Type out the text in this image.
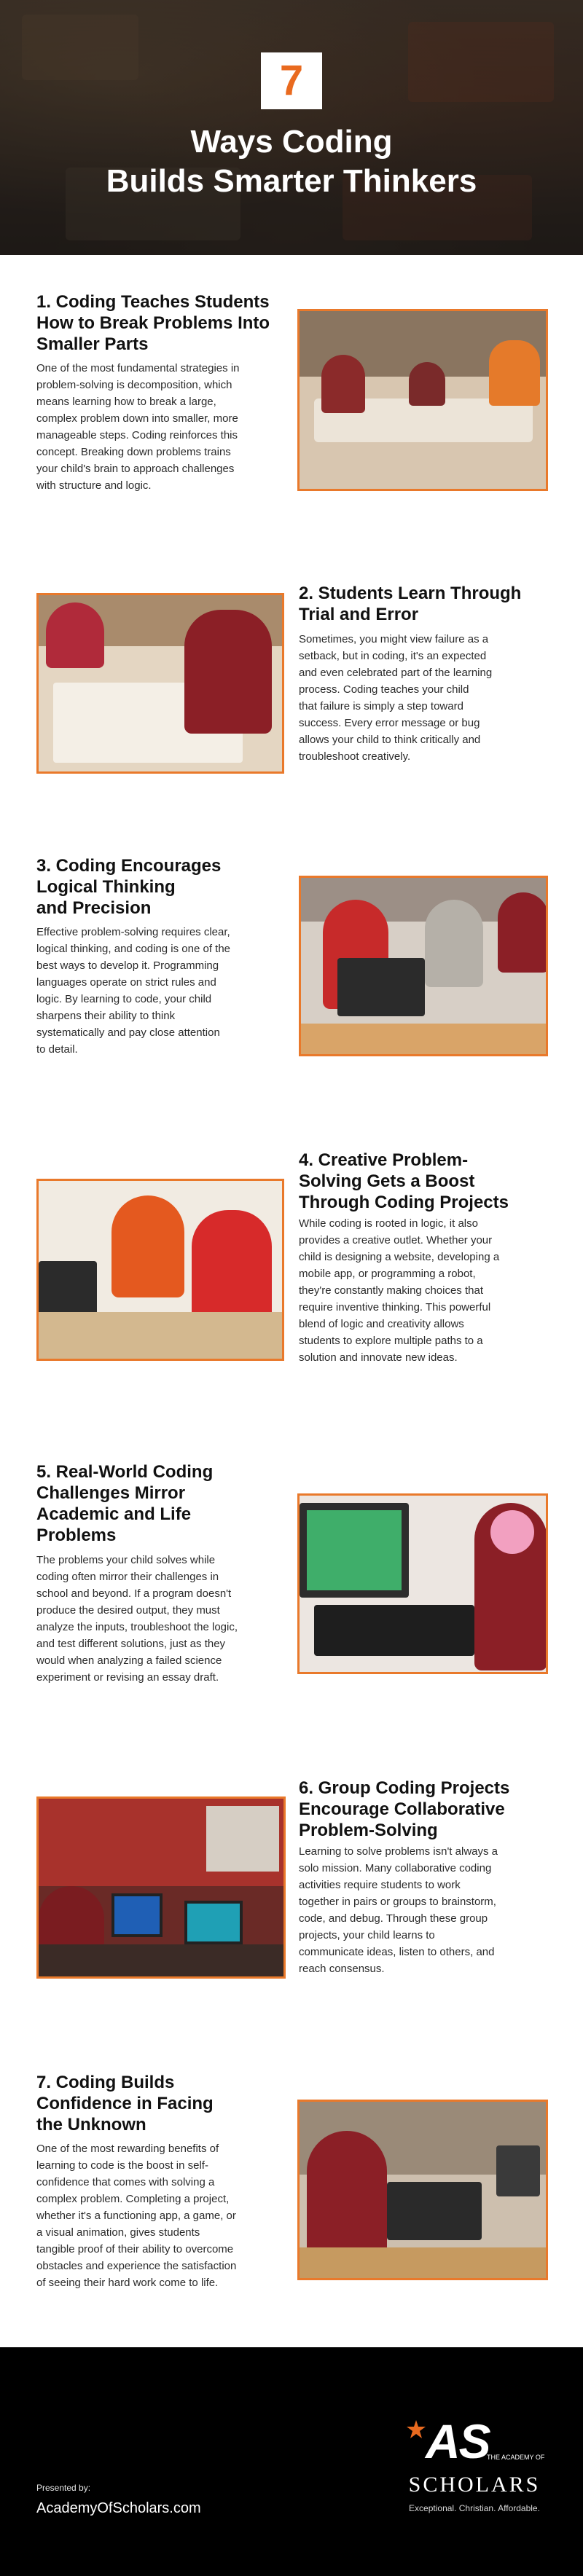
7
Ways Coding
Builds Smarter Thinkers
1. Coding Teaches Students
How to Break Problems Into
Smaller Parts
One of the most fundamental strategies in
problem-solving is decomposition, which
means learning how to break a large,
complex problem down into smaller, more
manageable steps. Coding reinforces this
concept. Breaking down problems trains
your child's brain to approach challenges
with structure and logic.
2. Students Learn Through
Trial and Error
Sometimes, you might view failure as a
setback, but in coding, it's an expected
and even celebrated part of the learning
process. Coding teaches your child
that failure is simply a step toward
success. Every error message or bug
allows your child to think critically and
troubleshoot creatively.
3. Coding Encourages
Logical Thinking
and Precision
Effective problem-solving requires clear,
logical thinking, and coding is one of the
best ways to develop it. Programming
languages operate on strict rules and
logic. By learning to code, your child
sharpens their ability to think
systematically and pay close attention
to detail.
4. Creative Problem-
Solving Gets a Boost
Through Coding Projects
While coding is rooted in logic, it also
provides a creative outlet. Whether your
child is designing a website, developing a
mobile app, or programming a robot,
they're constantly making choices that
require inventive thinking. This powerful
blend of logic and creativity allows
students to explore multiple paths to a
solution and innovate new ideas.
5. Real-World Coding
Challenges Mirror
Academic and Life
Problems
The problems your child solves while
coding often mirror their challenges in
school and beyond. If a program doesn't
produce the desired output, they must
analyze the inputs, troubleshoot the logic,
and test different solutions, just as they
would when analyzing a failed science
experiment or revising an essay draft.
6. Group Coding Projects
Encourage Collaborative
Problem-Solving
Learning to solve problems isn't always a
solo mission. Many collaborative coding
activities require students to work
together in pairs or groups to brainstorm,
code, and debug. Through these group
projects, your child learns to
communicate ideas, listen to others, and
reach consensus.
7. Coding Builds
Confidence in Facing
the Unknown
One of the most rewarding benefits of
learning to code is the boost in self-
confidence that comes with solving a
complex problem. Completing a project,
whether it's a functioning app, a game, or
a visual animation, gives students
tangible proof of their ability to overcome
obstacles and experience the satisfaction
of seeing their hard work come to life.
Presented by:
AcademyOfScholars.com
AS
THE ACADEMY OF
SCHOLARS
Exceptional. Christian. Affordable.
